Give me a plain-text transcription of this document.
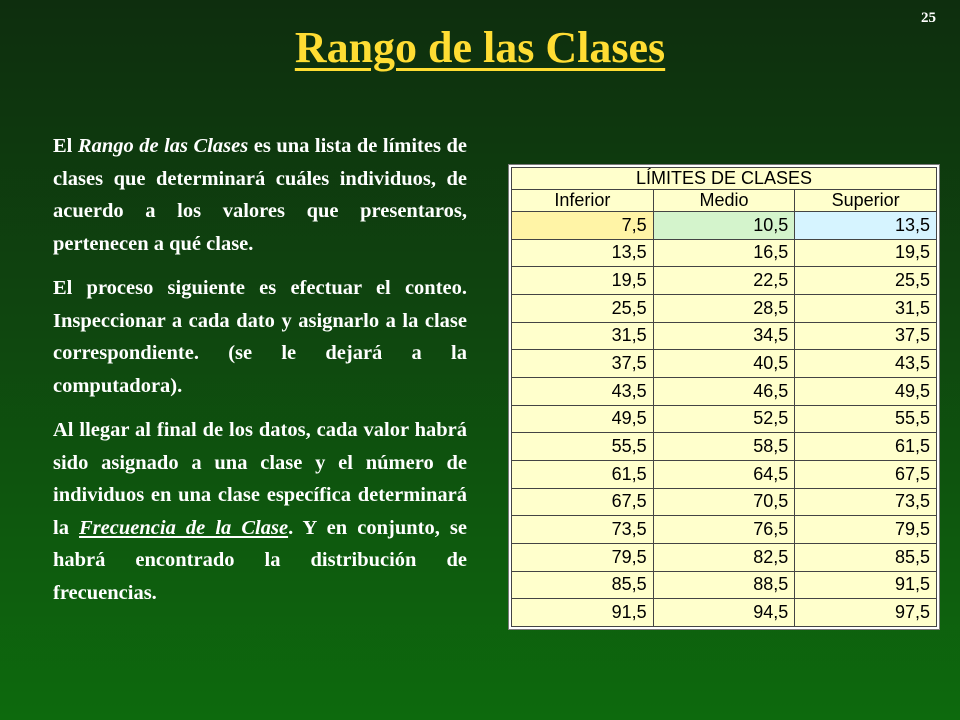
25
Rango de las Clases

El Rango de las Clases es una lista de límites de clases que determinará cuáles individuos, de acuerdo a los valores que presentaros, pertenecen a qué clase.

El proceso siguiente es efectuar el conteo. Inspeccionar a cada dato y asignarlo a la clase correspondiente. (se le dejará a la computadora).

Al llegar al final de los datos, cada valor habrá sido asignado a una clase y el número de individuos en una clase específica determinará la Frecuencia de la Clase. Y en conjunto, se habrá encontrado la distribución de frecuencias.

LÍMITES DE CLASES		
Inferior	Medio	Superior
7,5	10,5	13,5
13,5	16,5	19,5
19,5	22,5	25,5
25,5	28,5	31,5
31,5	34,5	37,5
37,5	40,5	43,5
43,5	46,5	49,5
49,5	52,5	55,5
55,5	58,5	61,5
61,5	64,5	67,5
67,5	70,5	73,5
73,5	76,5	79,5
79,5	82,5	85,5
85,5	88,5	91,5
91,5	94,5	97,5
